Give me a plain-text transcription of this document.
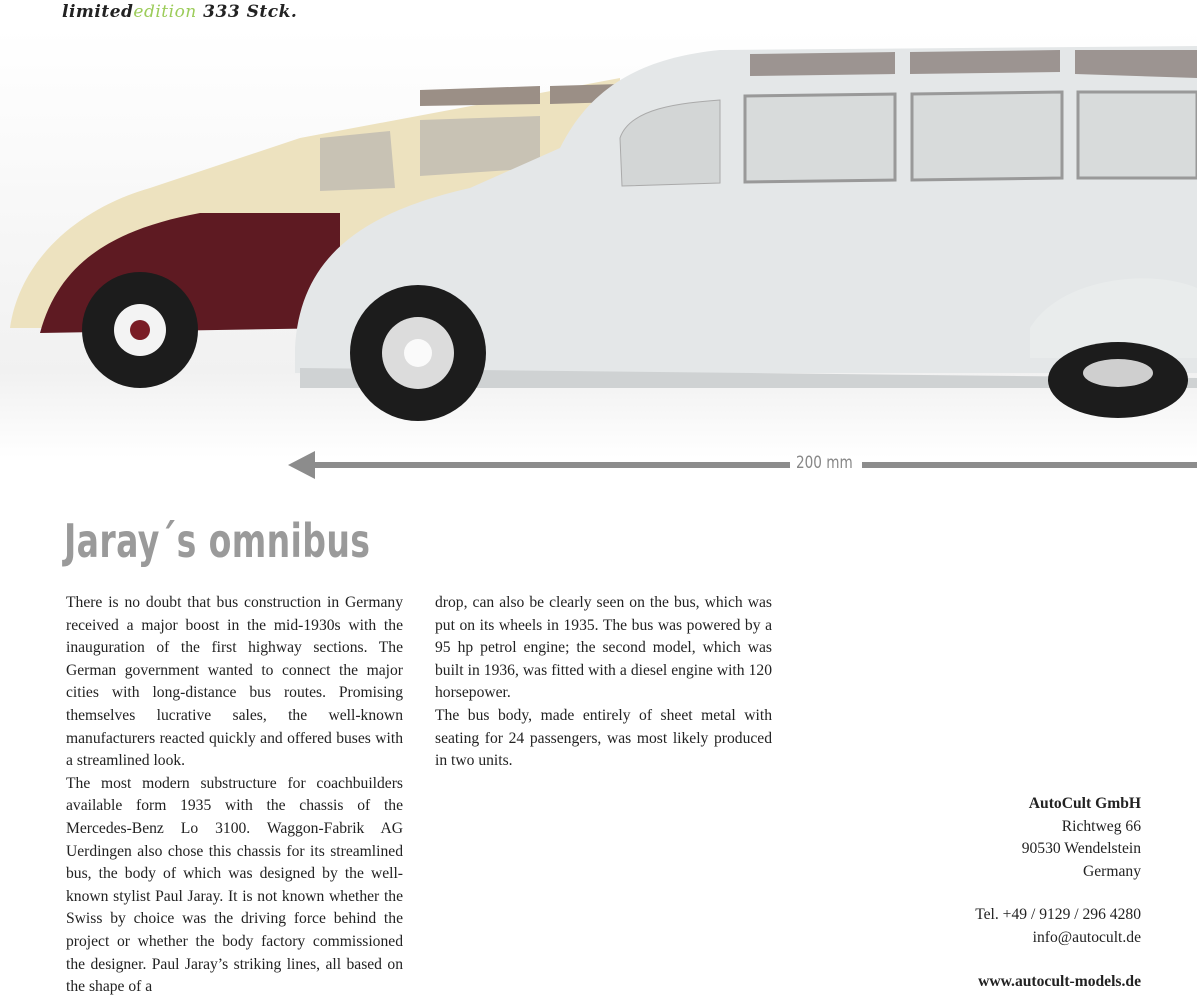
limitededition 333 Stck.
200 mm
Jaray´s omnibus

There is no doubt that bus construction in Germany received a major boost in the mid-1930s with the inauguration of the first highway sections. The German government wanted to connect the major cities with long-distance bus routes. Promising themselves lucrative sales, the well-known manufacturers reacted quickly and offered buses with a streamlined look.

The most modern substructure for coachbuilders available form 1935 with the chassis of the Mercedes-Benz Lo 3100. Waggon-Fabrik AG Uerdingen also chose this chassis for its streamlined bus, the body of which was designed by the well-known stylist Paul Jaray. It is not known whether the Swiss by choice was the driving force behind the project or whether the body factory commissioned the designer. Paul Jaray’s striking lines, all based on the shape of a

drop, can also be clearly seen on the bus, which was put on its wheels in 1935. The bus was powered by a 95 hp petrol engine; the second model, which was built in 1936, was fitted with a diesel engine with 120 horsepower.

The bus body, made entirely of sheet metal with seating for 24 passengers, was most likely produced in two units.

AutoCult GmbH
Richtweg 66
90530 Wendelstein
Germany
Tel. +49 / 9129 / 296 4280
info@autocult.de
www.autocult-models.de
